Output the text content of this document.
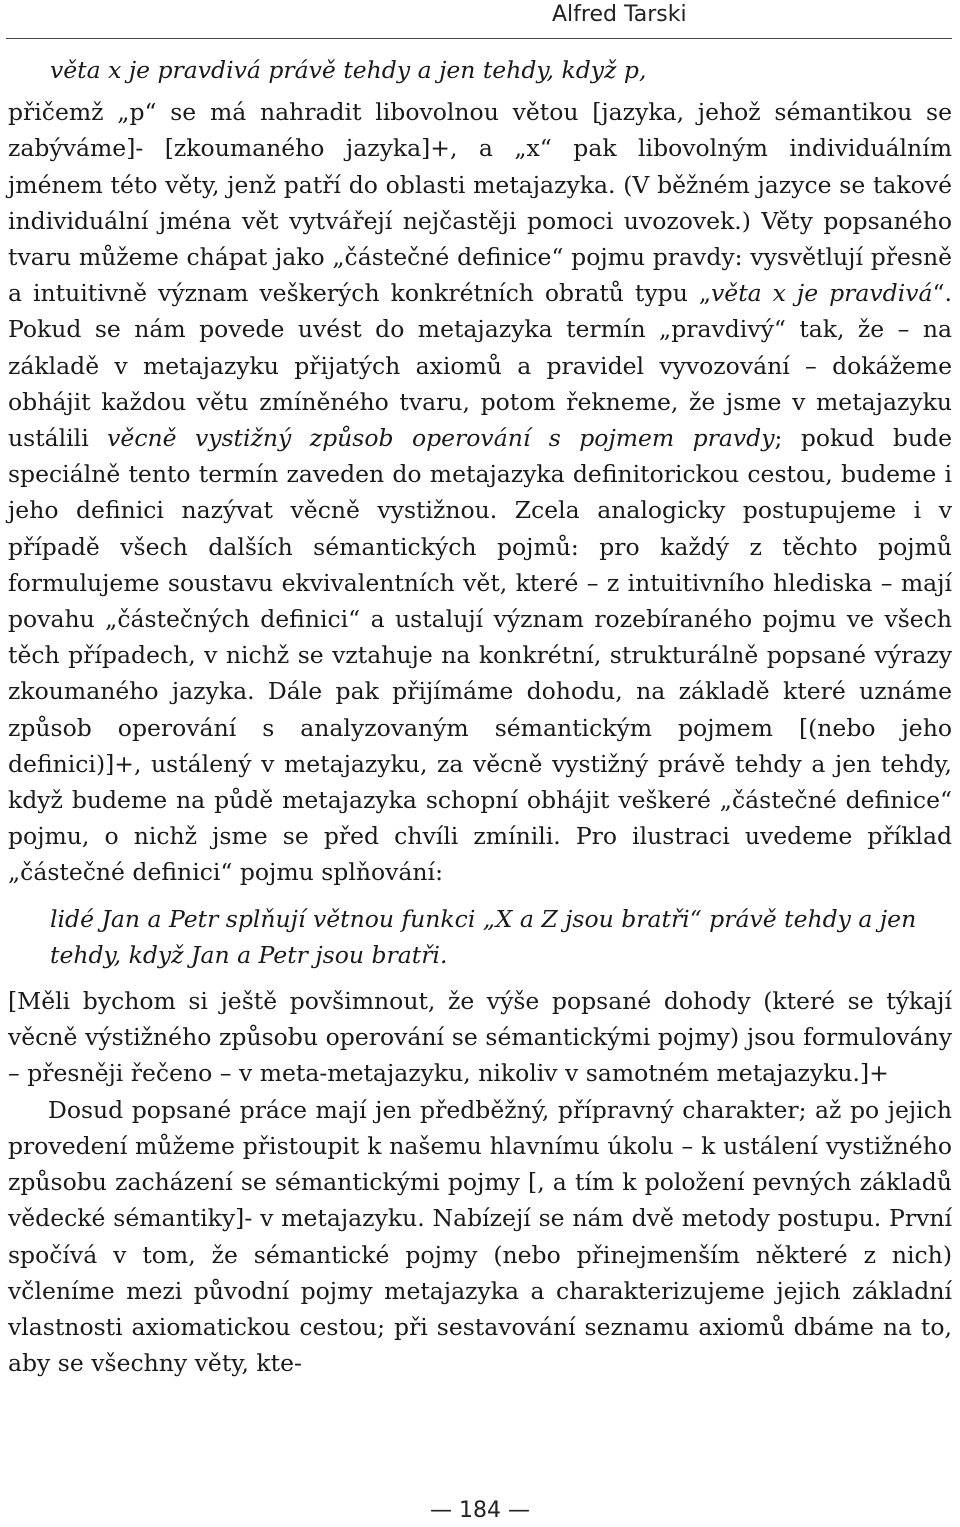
Alfred Tarski

věta x je pravdivá právě tehdy a jen tehdy, když p,

přičemž „p“ se má nahradit libovolnou větou [jazyka, jehož sémantikou se zabýváme]- [zkoumaného jazyka]+, a „x“ pak libovolným individuálním jménem této věty, jenž patří do oblasti metajazyka. (V běžném jazyce se takové individuální jména vět vytvářejí nejčastěji pomoci uvozovek.) Věty popsaného tvaru můžeme chápat jako „částečné definice“ pojmu pravdy: vysvětlují přesně a intuitivně význam veškerých konkrétních obratů typu „věta x je pravdivá“. Pokud se nám povede uvést do metajazyka termín „pravdivý“ tak, že – na základě v metajazyku přijatých axiomů a pravidel vyvozování – dokážeme obhájit každou větu zmíněného tvaru, potom řekneme, že jsme v metajazyku ustálili věcně vystižný způsob operování s pojmem pravdy; pokud bude speciálně tento termín zaveden do metajazyka definitorickou cestou, budeme i jeho definici nazývat věcně vystižnou. Zcela analogicky postupujeme i v případě všech dalších sémantických pojmů: pro každý z těchto pojmů formulujeme soustavu ekvivalentních vět, které – z intuitivního hlediska – mají povahu „částečných definici“ a ustalují význam rozebíraného pojmu ve všech těch případech, v nichž se vztahuje na konkrétní, strukturálně popsané výrazy zkoumaného jazyka. Dále pak přijímáme dohodu, na základě které uznáme způsob operování s analyzovaným sémantickým pojmem [(nebo jeho definici)]+, ustálený v metajazyku, za věcně vystižný právě tehdy a jen tehdy, když budeme na půdě metajazyka schopní obhájit veškeré „částečné definice“ pojmu, o nichž jsme se před chvíli zmínili. Pro ilustraci uvedeme příklad „částečné definici“ pojmu splňování:

lidé Jan a Petr splňují větnou funkci „X a Z jsou bratři“ právě tehdy a jen tehdy, když Jan a Petr jsou bratři.

[Měli bychom si ještě povšimnout, že výše popsané dohody (které se týkají věcně výstižného způsobu operování se sémantickými pojmy) jsou formulovány – přesněji řečeno – v meta-metajazyku, nikoliv v samotném metajazyku.]+

Dosud popsané práce mají jen předběžný, přípravný charakter; až po jejich provedení můžeme přistoupit k našemu hlavnímu úkolu – k ustálení vystižného způsobu zacházení se sémantickými pojmy [, a tím k položení pevných základů vědecké sémantiky]- v metajazyku. Nabízejí se nám dvě metody postupu. První spočívá v tom, že sémantické pojmy (nebo přinejmenším některé z nich) včleníme mezi původní pojmy metajazyka a charakterizujeme jejich základní vlastnosti axiomatickou cestou; při sestavování seznamu axiomů dbáme na to, aby se všechny věty, kte-

— 184 —
